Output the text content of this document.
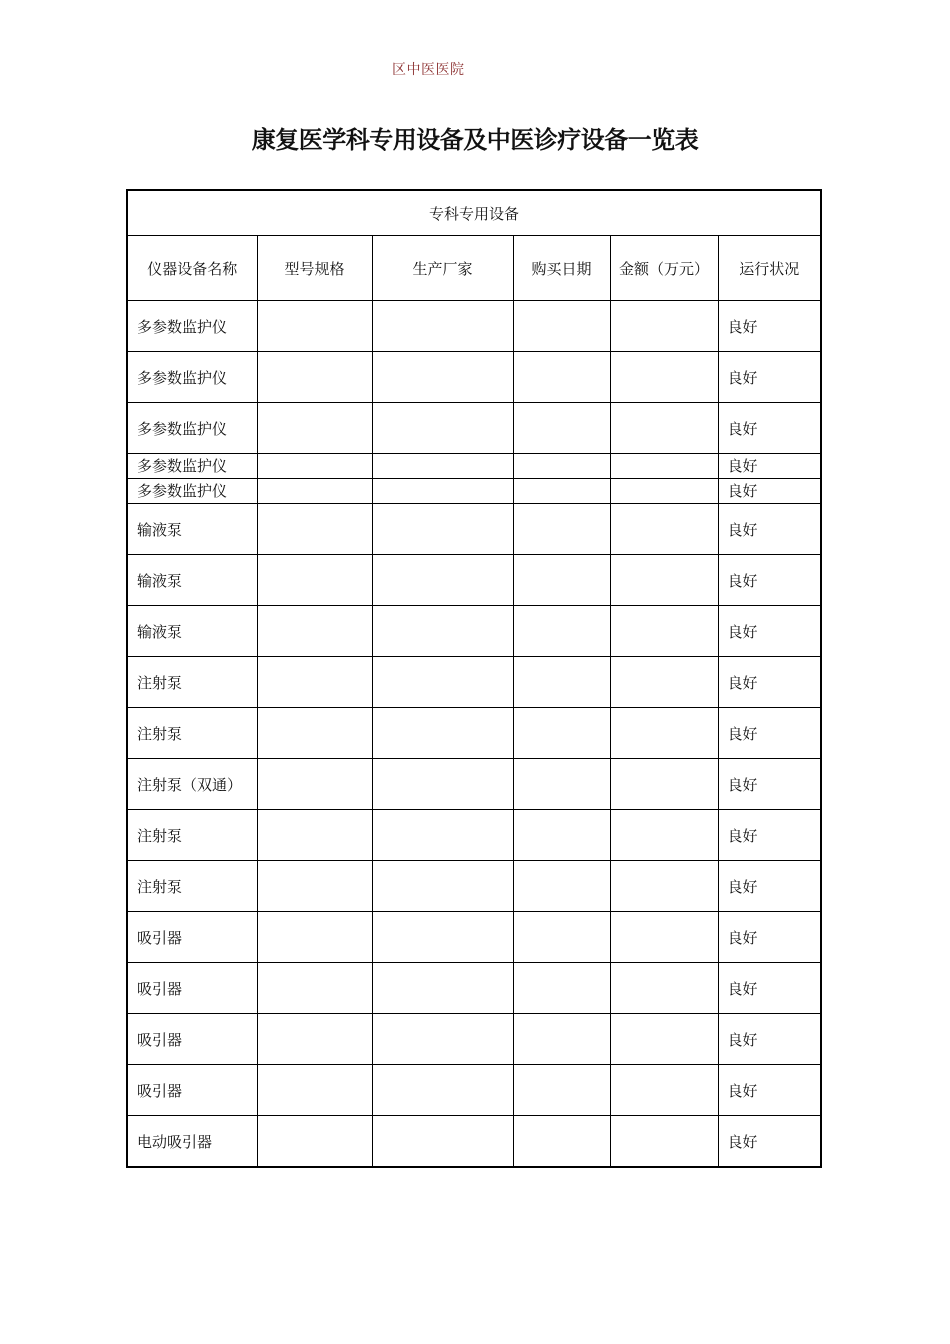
区中医医院
康复医学科专用设备及中医诊疗设备一览表
专科专用设备					
仪器设备名称	型号规格	生产厂家	购买日期	金额（万元）	运行状况
多参数监护仪					良好
多参数监护仪					良好
多参数监护仪					良好
多参数监护仪					良好
多参数监护仪					良好
输液泵					良好
输液泵					良好
输液泵					良好
注射泵					良好
注射泵					良好
注射泵（双通）					良好
注射泵					良好
注射泵					良好
吸引器					良好
吸引器					良好
吸引器					良好
吸引器					良好
电动吸引器					良好
